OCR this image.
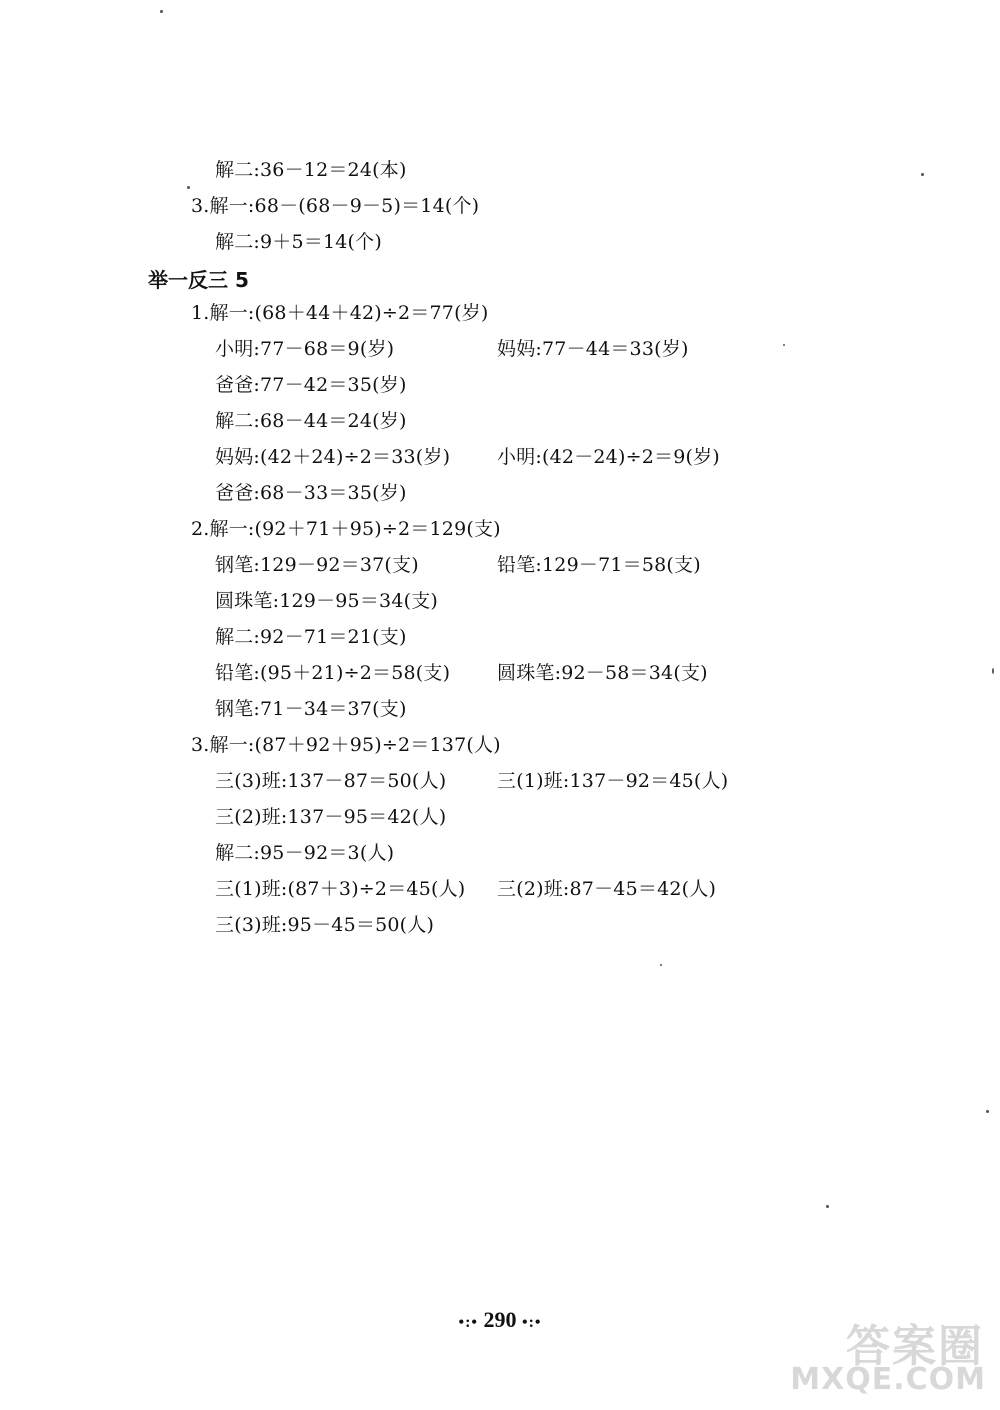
解二:36－12＝24(本)
3.解一:68－(68－9－5)＝14(个)
解二:9＋5＝14(个)
举一反三 5
1.解一:(68＋44＋42)÷2＝77(岁)
小明:77－68＝9(岁)	妈妈:77－44＝33(岁)
爸爸:77－42＝35(岁)
解二:68－44＝24(岁)
妈妈:(42＋24)÷2＝33(岁) 小明:(42－24)÷2＝9(岁)
爸爸:68－33＝35(岁)
2.解一:(92＋71＋95)÷2＝129(支)
钢笔:129－92＝37(支)	铅笔:129－71＝58(支)
圆珠笔:129－95＝34(支)
解二:92－71＝21(支)
铅笔:(95＋21)÷2＝58(支) 圆珠笔:92－58＝34(支)
钢笔:71－34＝37(支)
3.解一:(87＋92＋95)÷2＝137(人)
三(3)班:137－87＝50(人)	三(1)班:137－92＝45(人)
三(2)班:137－95＝42(人)
解二:95－92＝3(人)
三(1)班:(87＋3)÷2＝45(人) 三(2)班:87－45＝42(人)
三(3)班:95－45＝50(人)
•:• 290 •:•	答案圈
MXQE.COM
